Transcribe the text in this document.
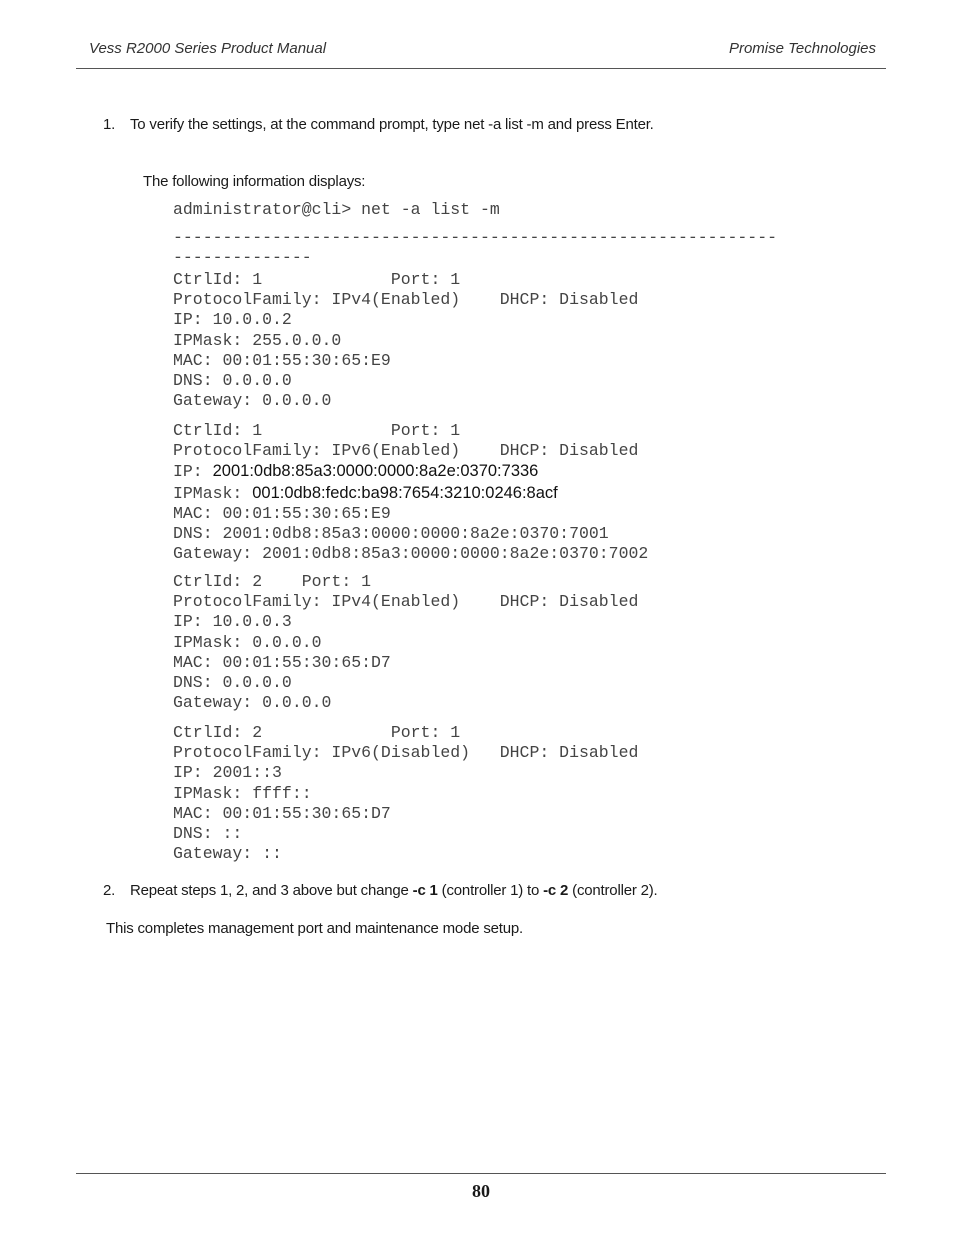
Vess R2000 Series Product Manual	Promise Technologies
1. To verify the settings, at the command prompt, type net -a list -m and press Enter.
The following information displays:
administrator@cli> net -a list -m
-------------------------------------------------------------
--------------
CtrlId: 1             Port: 1
ProtocolFamily: IPv4(Enabled)    DHCP: Disabled
IP: 10.0.0.2
IPMask: 255.0.0.0
MAC: 00:01:55:30:65:E9
DNS: 0.0.0.0
Gateway: 0.0.0.0
CtrlId: 1             Port: 1
ProtocolFamily: IPv6(Enabled)    DHCP: Disabled
IP: 2001:0db8:85a3:0000:0000:8a2e:0370:7336
IPMask: 001:0db8:fedc:ba98:7654:3210:0246:8acf
MAC: 00:01:55:30:65:E9
DNS: 2001:0db8:85a3:0000:0000:8a2e:0370:7001
Gateway: 2001:0db8:85a3:0000:0000:8a2e:0370:7002
CtrlId: 2    Port: 1
ProtocolFamily: IPv4(Enabled)    DHCP: Disabled
IP: 10.0.0.3
IPMask: 0.0.0.0
MAC: 00:01:55:30:65:D7
DNS: 0.0.0.0
Gateway: 0.0.0.0
CtrlId: 2             Port: 1
ProtocolFamily: IPv6(Disabled)   DHCP: Disabled
IP: 2001::3
IPMask: ffff::
MAC: 00:01:55:30:65:D7
DNS: ::
Gateway: ::
2. Repeat steps 1, 2, and 3 above but change -c 1 (controller 1) to -c 2 (controller 2).
This completes management port and maintenance mode setup.
80
